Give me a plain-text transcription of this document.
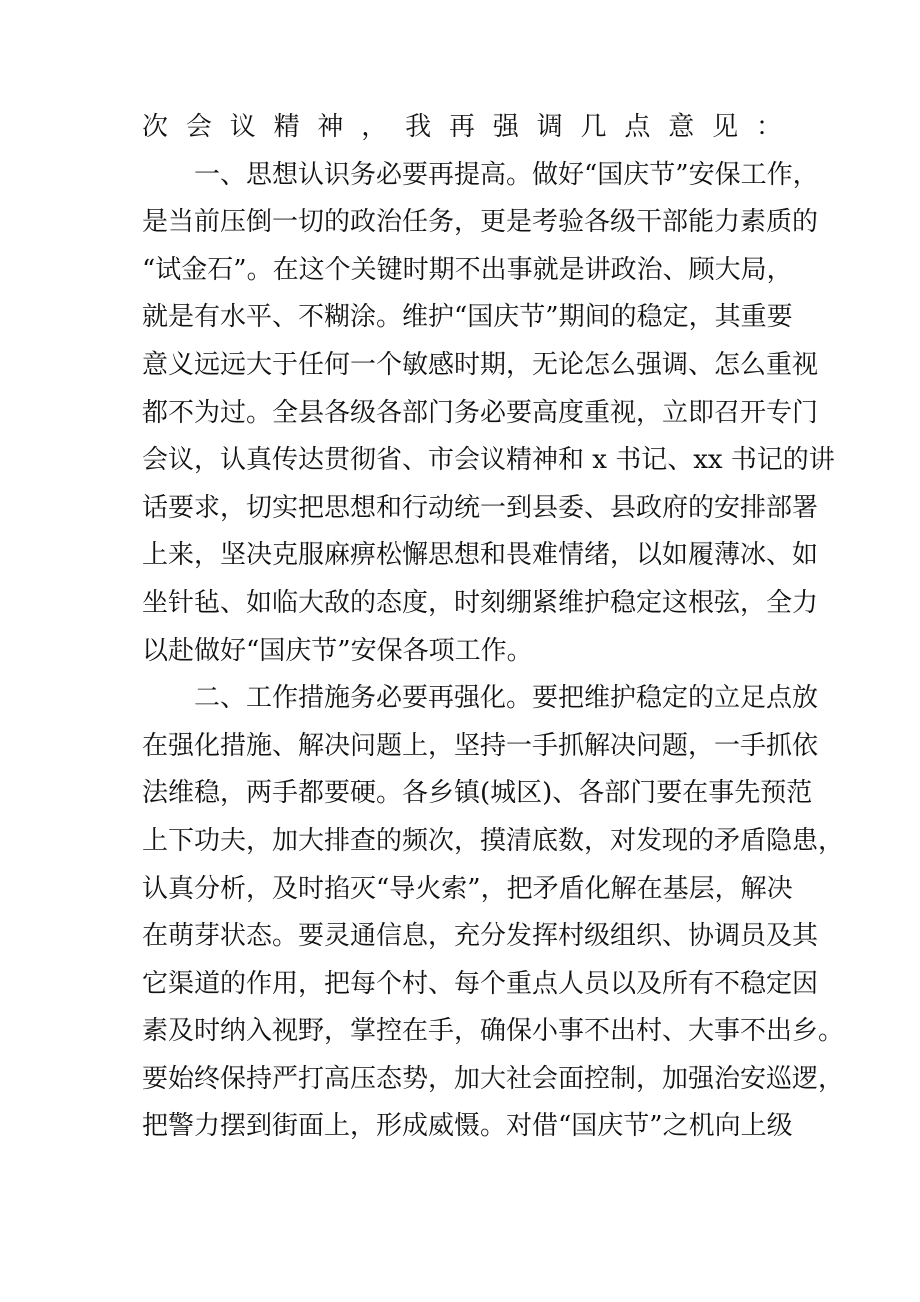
次会议精神，我再强调几点意见：
一、思想认识务必要再提高。做好“国庆节”安保工作，
是当前压倒一切的政治任务，更是考验各级干部能力素质的
“试金石”。在这个关键时期不出事就是讲政治、顾大局，
就是有水平、不糊涂。维护“国庆节”期间的稳定，其重要
意义远远大于任何一个敏感时期，无论怎么强调、怎么重视
都不为过。全县各级各部门务必要高度重视，立即召开专门
会议，认真传达贯彻省、市会议精神和 x 书记、xx 书记的讲
话要求，切实把思想和行动统一到县委、县政府的安排部署
上来，坚决克服麻痹松懈思想和畏难情绪，以如履薄冰、如
坐针毡、如临大敌的态度，时刻绷紧维护稳定这根弦，全力
以赴做好“国庆节”安保各项工作。
二、工作措施务必要再强化。要把维护稳定的立足点放
在强化措施、解决问题上，坚持一手抓解决问题，一手抓依
法维稳，两手都要硬。各乡镇(城区)、各部门要在事先预范
上下功夫，加大排查的频次，摸清底数，对发现的矛盾隐患，
认真分析，及时掐灭“导火索”，把矛盾化解在基层，解决
在萌芽状态。要灵通信息，充分发挥村级组织、协调员及其
它渠道的作用，把每个村、每个重点人员以及所有不稳定因
素及时纳入视野，掌控在手，确保小事不出村、大事不出乡。
要始终保持严打高压态势，加大社会面控制，加强治安巡逻，
把警力摆到街面上，形成威慑。对借“国庆节”之机向上级
